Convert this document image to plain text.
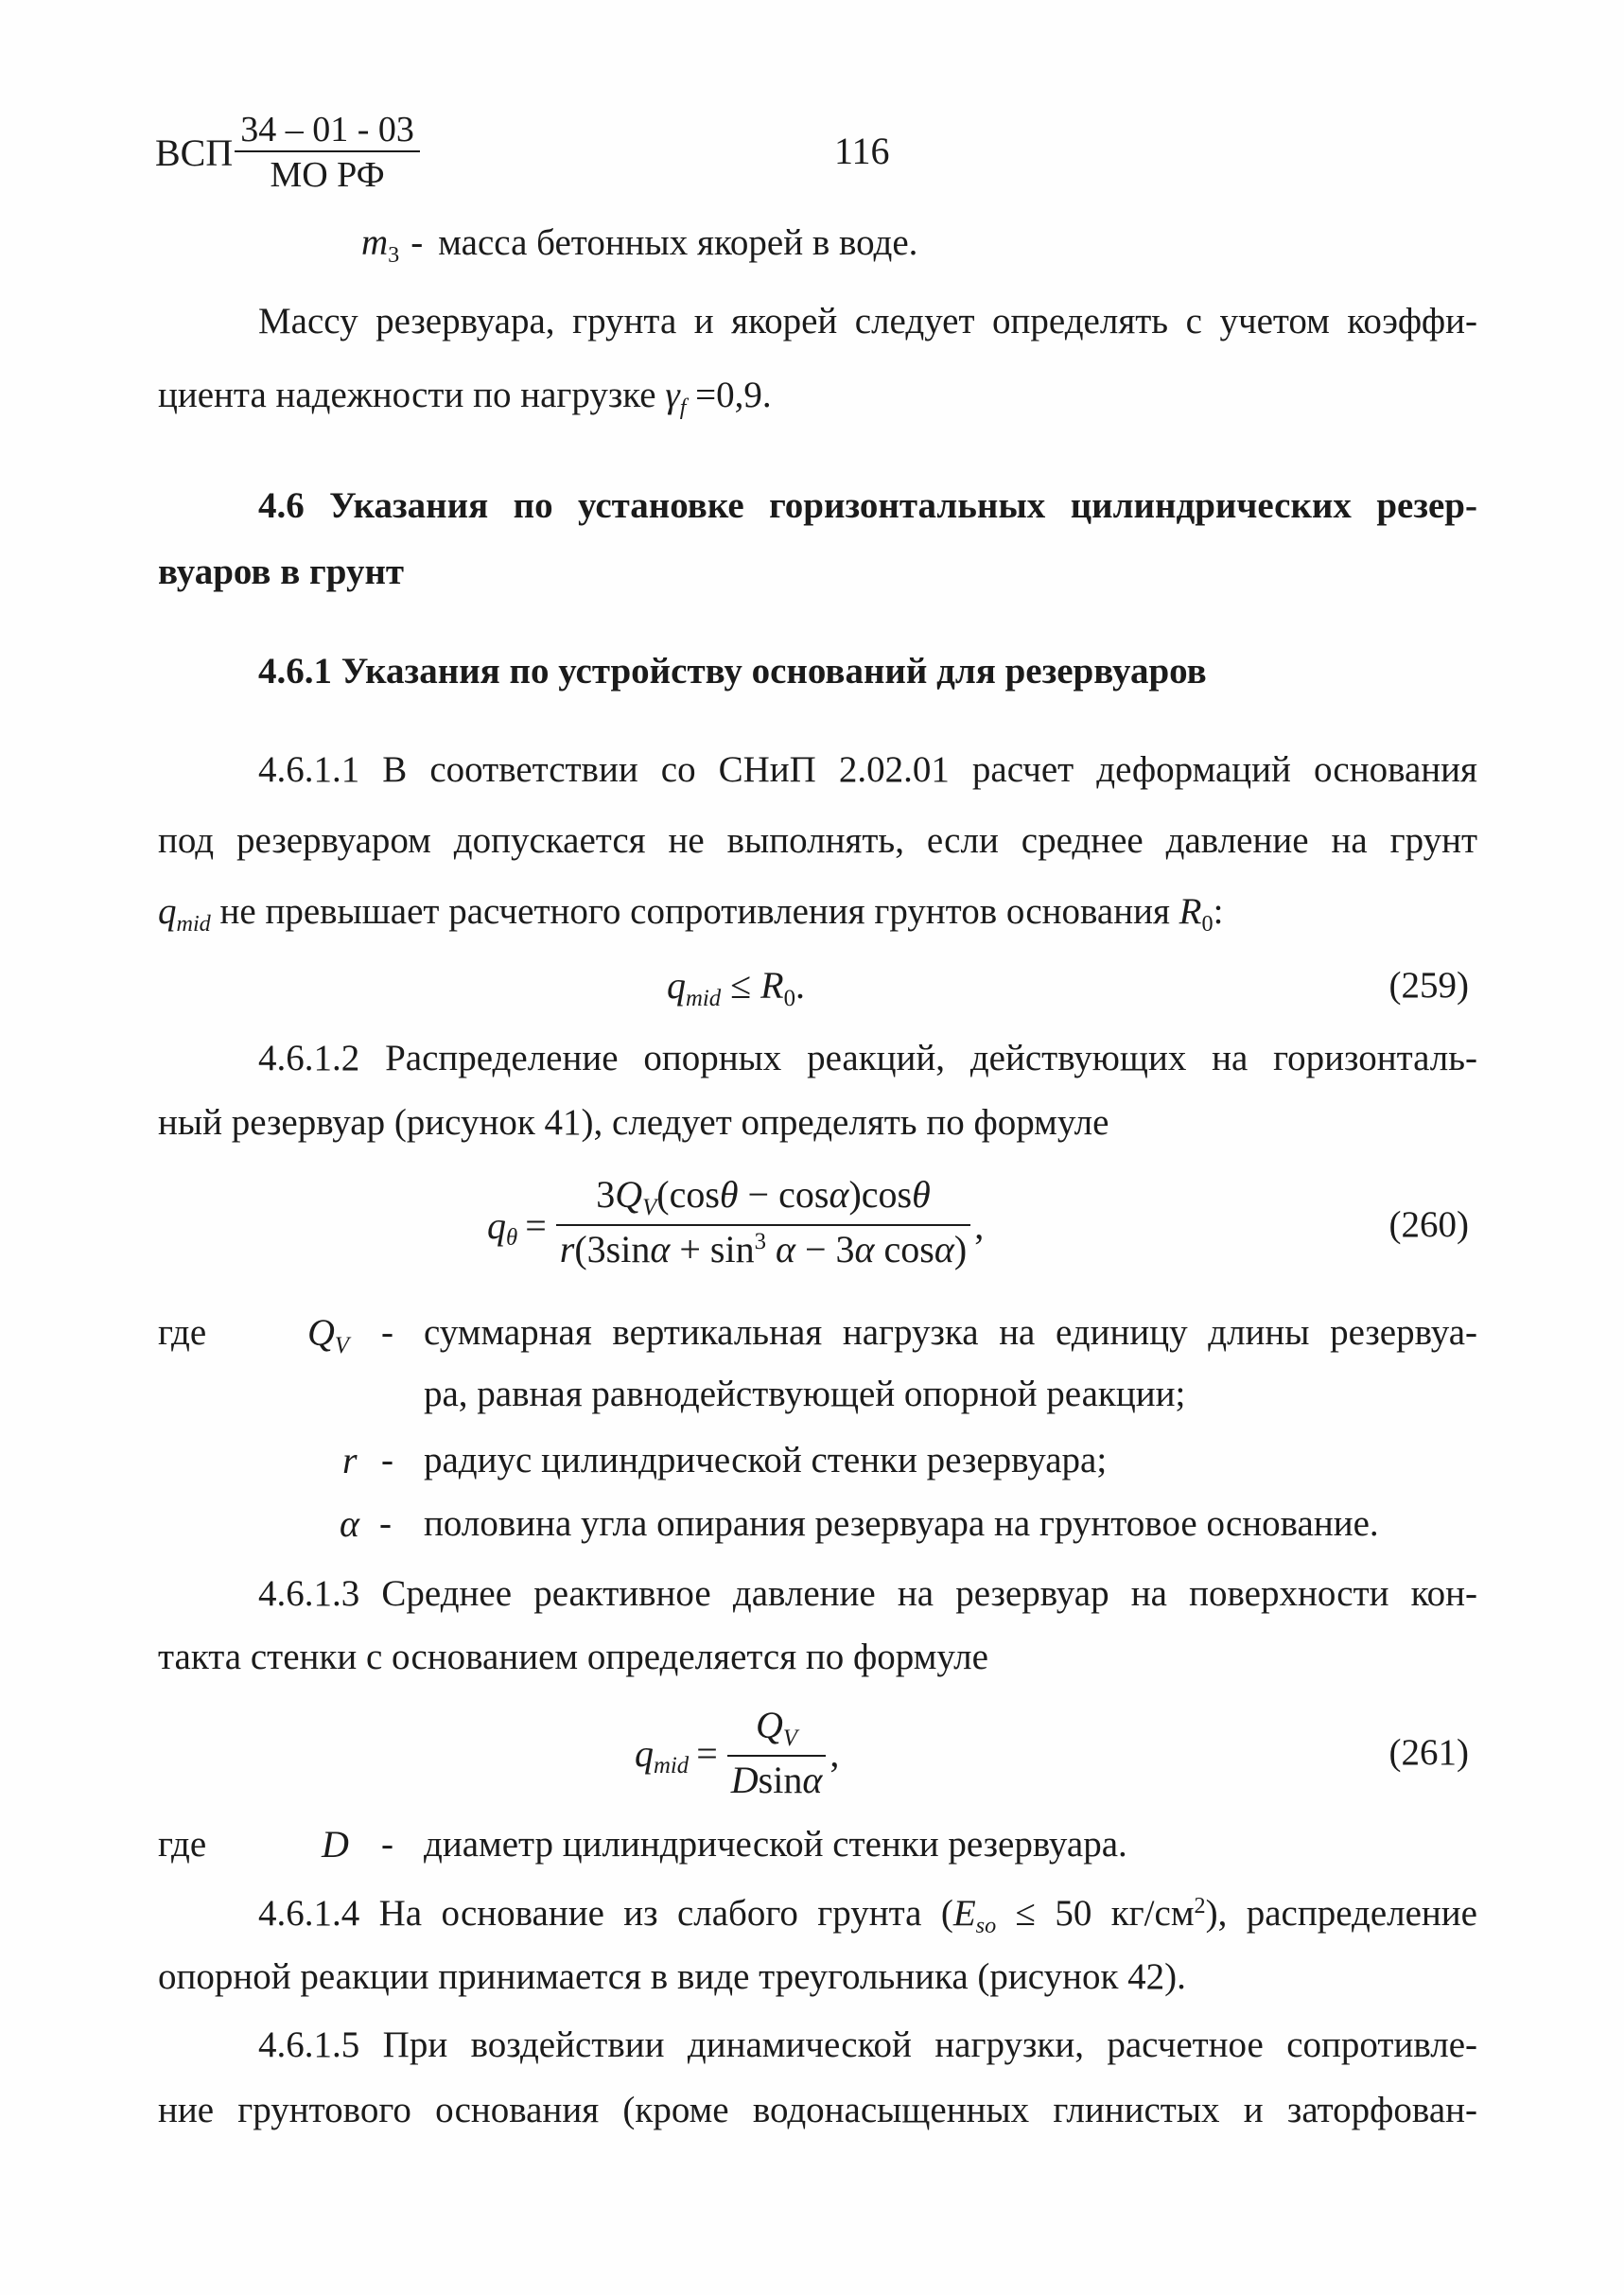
ВСП
34 – 01 - 03
МО РФ
116
m3 - масса бетонных якорей в воде.
Массу резервуара, грунта и якорей следует определять с учетом коэффи-
циента надежности по нагрузке γf =0,9.
4.6 Указания по установке горизонтальных цилиндрических резер-
вуаров в грунт
4.6.1 Указания по устройству оснований для резервуаров
4.6.1.1 В соответствии со СНиП 2.02.01 расчет деформаций основания
под резервуаром допускается не выполнять, если среднее давление на грунт
qmid не превышает расчетного сопротивления грунтов основания R0:
qmid ≤ R0.	(259)
4.6.1.2 Распределение опорных реакций, действующих на горизонталь-
ный резервуар (рисунок 41), следует определять по формуле
$q\theta = \frac{3QV(\cos\theta - \cos\alpha)\cos\theta}{r(3\sin\alpha + \sin^3 \alpha - 3\alpha \cos\alpha)}$ ,	(260)
где	QV - суммарная вертикальная нагрузка на единицу длины резервуа-
ра, равная равнодействующей опорной реакции;
r - радиус цилиндрической стенки резервуара;
α - половина угла опирания резервуара на грунтовое основание.
4.6.1.3 Среднее реактивное давление на резервуар на поверхности кон-
такта стенки с основанием определяется по формуле
qmid = $\frac{QV}{Dsin\alpha}$ ,	(261)
где	D - диаметр цилиндрической стенки резервуара.
4.6.1.4 На основание из слабого грунта (Eso ≤ 50 $кг/см^2$), распределение
опорной реакции принимается в виде треугольника (рисунок 42).
4.6.1.5 При воздействии динамической нагрузки, расчетное сопротивле-
ние грунтового основания (кроме водонасыщенных глинистых и заторфован-
